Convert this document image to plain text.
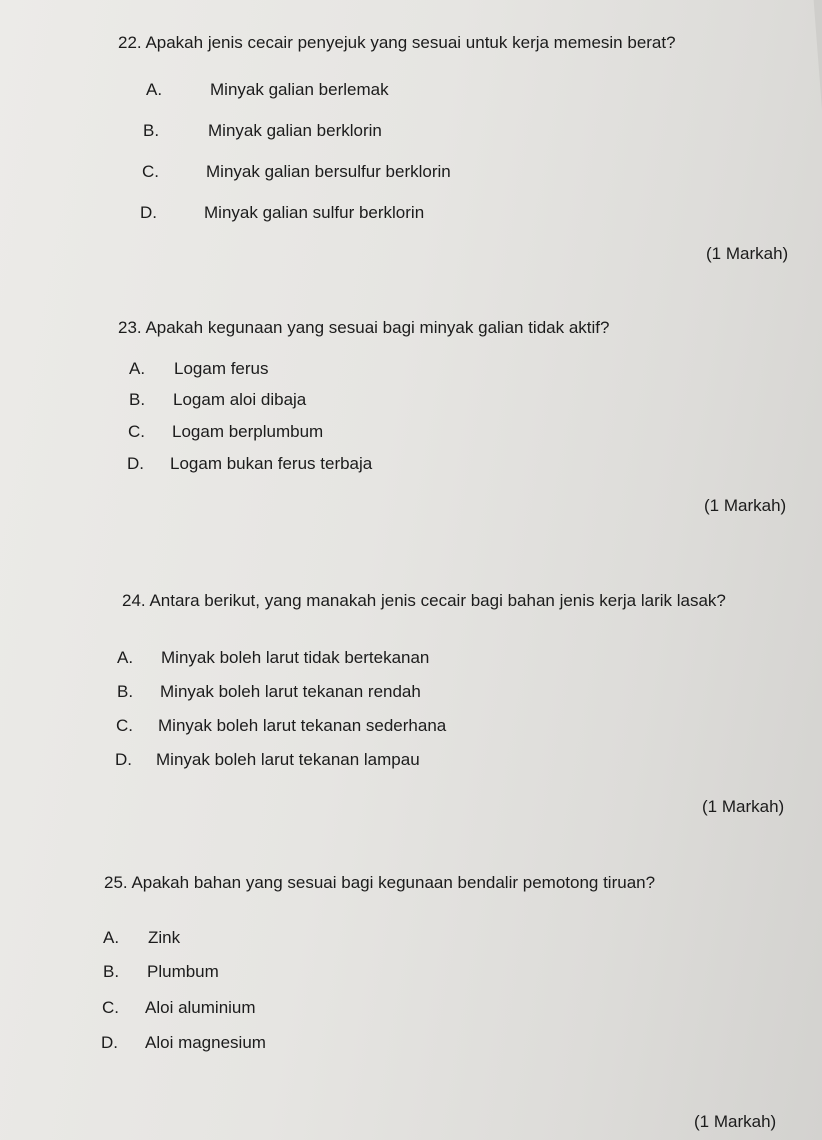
22. Apakah jenis cecair penyejuk yang sesuai untuk kerja memesin berat?
A.	Minyak galian berlemak
B.	Minyak galian berklorin
C.	Minyak galian bersulfur berklorin
D.	Minyak galian sulfur berklorin
(1 Markah)
23. Apakah kegunaan yang sesuai bagi minyak galian tidak aktif?
A. Logam ferus
B. Logam aloi dibaja
C. Logam berplumbum
D. Logam bukan ferus terbaja
(1 Markah)
24. Antara berikut, yang manakah jenis cecair bagi bahan jenis kerja larik lasak?
A. Minyak boleh larut tidak bertekanan
B. Minyak boleh larut tekanan rendah
C. Minyak boleh larut tekanan sederhana
D. Minyak boleh larut tekanan lampau
(1 Markah)
25. Apakah bahan yang sesuai bagi kegunaan bendalir pemotong tiruan?
A. Zink
B. Plumbum
C. Aloi aluminium
D. Aloi magnesium
(1 Markah)
